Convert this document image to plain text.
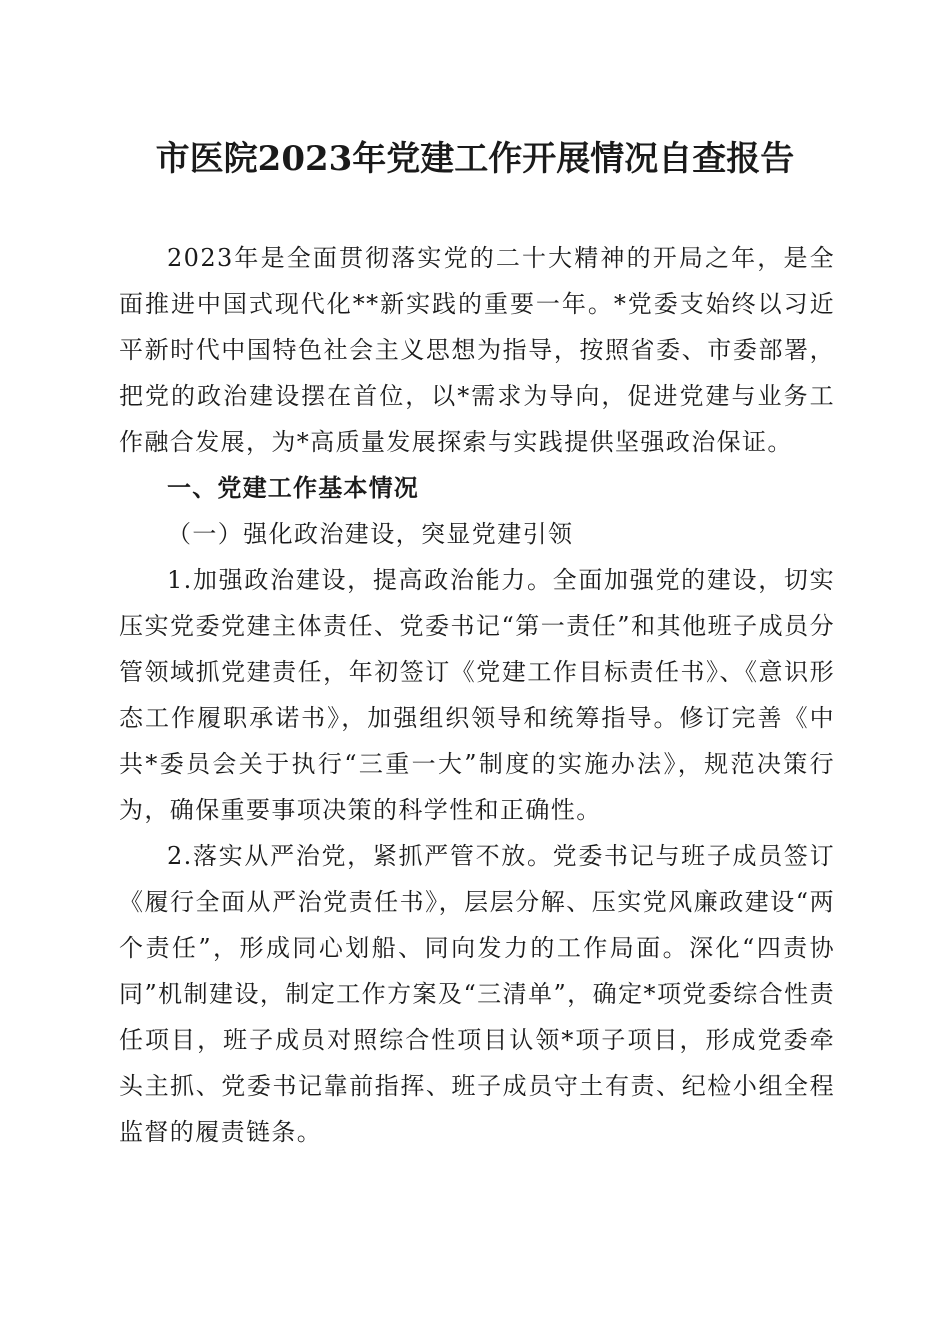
市医院2023年党建工作开展情况自查报告

2023年是全面贯彻落实党的二十大精神的开局之年，是全面推进中国式现代化**新实践的重要一年。*党委支始终以习近平新时代中国特色社会主义思想为指导，按照省委、市委部署，把党的政治建设摆在首位，以*需求为导向，促进党建与业务工作融合发展，为*高质量发展探索与实践提供坚强政治保证。

一、党建工作基本情况

（一）强化政治建设，突显党建引领

1.加强政治建设，提高政治能力。全面加强党的建设，切实压实党委党建主体责任、党委书记“第一责任”和其他班子成员分管领域抓党建责任，年初签订《党建工作目标责任书》、《意识形态工作履职承诺书》，加强组织领导和统筹指导。修订完善《中共*委员会关于执行“三重一大”制度的实施办法》，规范决策行为，确保重要事项决策的科学性和正确性。

2.落实从严治党，紧抓严管不放。党委书记与班子成员签订《履行全面从严治党责任书》，层层分解、压实党风廉政建设“两个责任”，形成同心划船、同向发力的工作局面。深化“四责协同”机制建设，制定工作方案及“三清单”，确定*项党委综合性责任项目，班子成员对照综合性项目认领*项子项目，形成党委牵头主抓、党委书记靠前指挥、班子成员守土有责、纪检小组全程监督的履责链条。
